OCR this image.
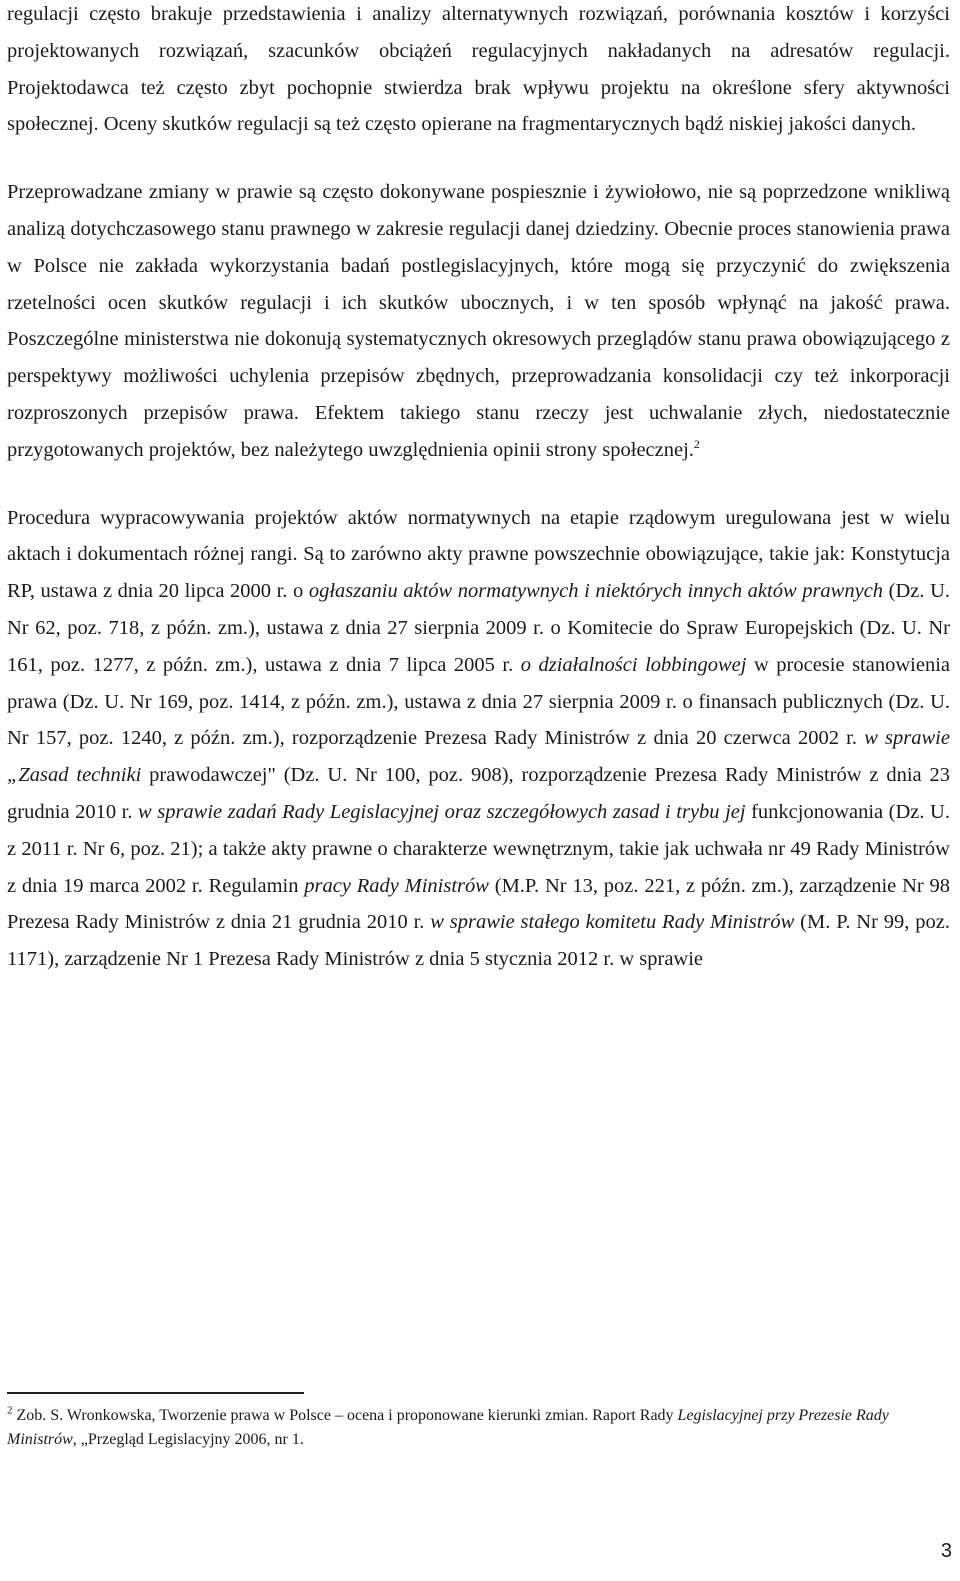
regulacji często brakuje przedstawienia i analizy alternatywnych rozwiązań, porównania kosztów i korzyści projektowanych rozwiązań, szacunków obciążeń regulacyjnych nakładanych na adresatów regulacji. Projektodawca też często zbyt pochopnie stwierdza brak wpływu projektu na określone sfery aktywności społecznej. Oceny skutków regulacji są też często opierane na fragmentarycznych bądź niskiej jakości danych.

Przeprowadzane zmiany w prawie są często dokonywane pospiesznie i żywiołowo, nie są poprzedzone wnikliwą analizą dotychczasowego stanu prawnego w zakresie regulacji danej dziedziny. Obecnie proces stanowienia prawa w Polsce nie zakłada wykorzystania badań postlegislacyjnych, które mogą się przyczynić do zwiększenia rzetelności ocen skutków regulacji i ich skutków ubocznych, i w ten sposób wpłynąć na jakość prawa. Poszczególne ministerstwa nie dokonują systematycznych okresowych przeglądów stanu prawa obowiązującego z perspektywy możliwości uchylenia przepisów zbędnych, przeprowadzania konsolidacji czy też inkorporacji rozproszonych przepisów prawa. Efektem takiego stanu rzeczy jest uchwalanie złych, niedostatecznie przygotowanych projektów, bez należytego uwzględnienia opinii strony społecznej.$^2$

Procedura wypracowywania projektów aktów normatywnych na etapie rządowym uregulowana jest w wielu aktach i dokumentach różnej rangi. Są to zarówno akty prawne powszechnie obowiązujące, takie jak: Konstytucja RP, ustawa z dnia 20 lipca 2000 r. o ogłaszaniu aktów normatywnych i niektórych innych aktów prawnych (Dz. U. Nr 62, poz. 718, z późn. zm.), ustawa z dnia 27 sierpnia 2009 r. o Komitecie do Spraw Europejskich (Dz. U. Nr 161, poz. 1277, z późn. zm.), ustawa z dnia 7 lipca 2005 r. o działalności lobbingowej w procesie stanowienia prawa (Dz. U. Nr 169, poz. 1414, z późn. zm.), ustawa z dnia 27 sierpnia 2009 r. o finansach publicznych (Dz. U. Nr 157, poz. 1240, z późn. zm.), rozporządzenie Prezesa Rady Ministrów z dnia 20 czerwca 2002 r. w sprawie „Zasad techniki prawodawczej" (Dz. U. Nr 100, poz. 908), rozporządzenie Prezesa Rady Ministrów z dnia 23 grudnia 2010 r. w sprawie zadań Rady Legislacyjnej oraz szczegółowych zasad i trybu jej funkcjonowania (Dz. U. z 2011 r. Nr 6, poz. 21); a także akty prawne o charakterze wewnętrznym, takie jak uchwała nr 49 Rady Ministrów z dnia 19 marca 2002 r. Regulamin pracy Rady Ministrów (M.P. Nr 13, poz. 221, z późn. zm.), zarządzenie Nr 98 Prezesa Rady Ministrów z dnia 21 grudnia 2010 r. w sprawie stałego komitetu Rady Ministrów (M. P. Nr 99, poz. 1171), zarządzenie Nr 1 Prezesa Rady Ministrów z dnia 5 stycznia 2012 r. w sprawie

$^2$ Zob. S. Wronkowska, Tworzenie prawa w Polsce – ocena i proponowane kierunki zmian. Raport Rady Legislacyjnej przy Prezesie Rady Ministrów, „Przegląd Legislacyjny 2006, nr 1.

3
